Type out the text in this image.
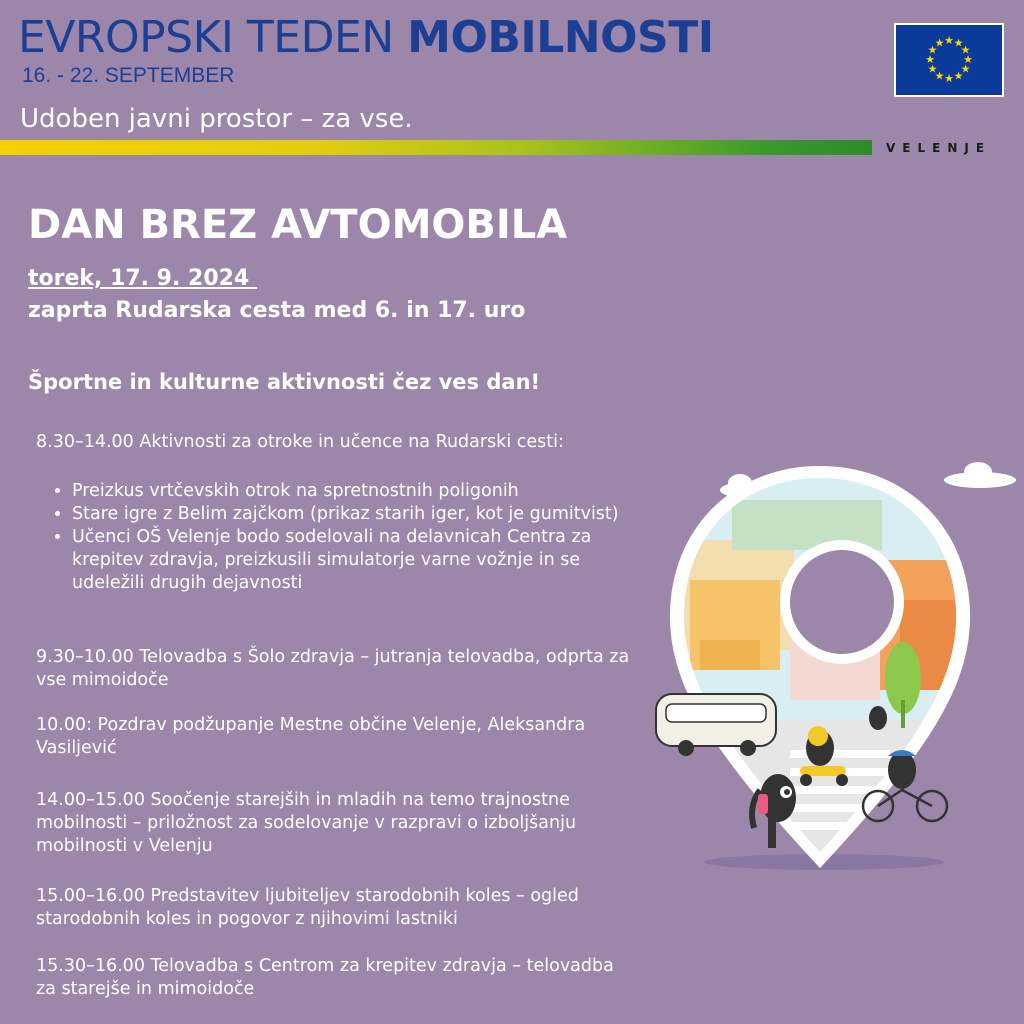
EVROPSKI TEDEN MOBILNOSTI
16. - 22. SEPTEMBER
Udoben javni prostor – za vse.
★ ★
★
★
★
★
★
★
★
★
★
★
VELENJE
DAN BREZ AVTOMOBILA
torek, 17. 9. 2024
zaprta Rudarska cesta med 6. in 17. uro
Športne in kulturne aktivnosti čez ves dan!
8.30–14.00 Aktivnosti za otroke in učence na Rudarski cesti:
• Preizkus vrtčevskih otrok na spretnostnih poligonih
• Stare igre z Belim zajčkom (prikaz starih iger, kot je gumitvist)
• Učenci OŠ Velenje bodo sodelovali na delavnicah Centra za krepitev zdravja, preizkusili simulatorje varne vožnje in se udeležili drugih dejavnosti
9.30–10.00 Telovadba s Šolo zdravja – jutranja telovadba, odprta za vse mimoidoče
10.00: Pozdrav podžupanje Mestne občine Velenje, Aleksandra Vasiljević
14.00–15.00 Soočenje starejših in mladih na temo trajnostne mobilnosti – priložnost za sodelovanje v razpravi o izboljšanju mobilnosti v Velenju
15.00–16.00 Predstavitev ljubiteljev starodobnih koles – ogled starodobnih koles in pogovor z njihovimi lastniki
15.30–16.00 Telovadba s Centrom za krepitev zdravja – telovadba za starejše in mimoidoče
